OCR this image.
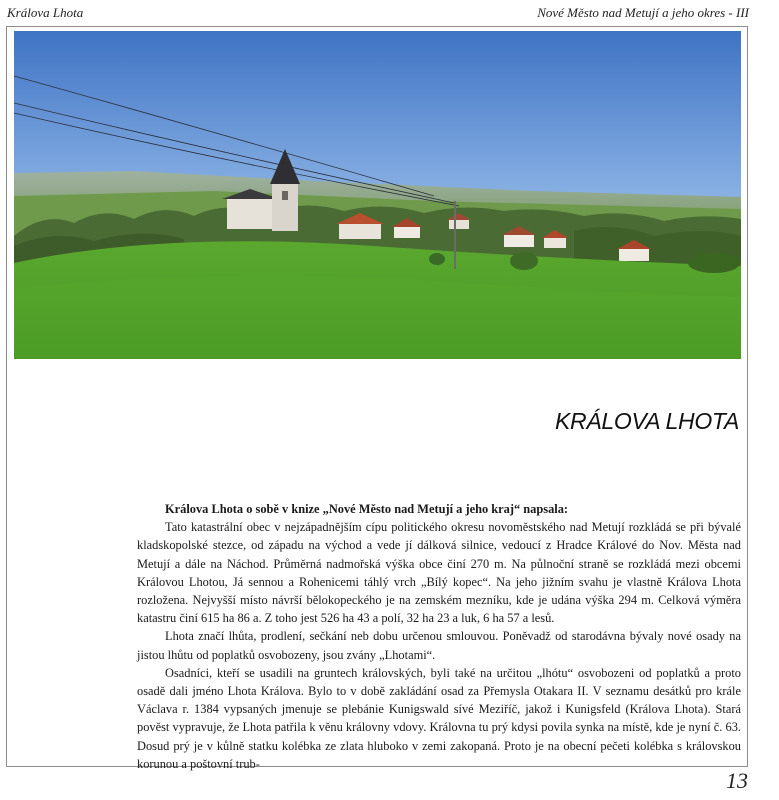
Králova Lhota	Nové Město nad Metují a jeho okres - III
KRÁLOVA LHOTA

Králova Lhota o sobě v knize „Nové Město nad Metují a jeho kraj“ napsala:

Tato katastrální obec v nejzápadnějším cípu politického okresu novoměstského nad Metují rozkládá se při bývalé kladskopolské stezce, od západu na východ a vede jí dálková silnice, vedoucí z Hradce Králové do Nov. Města nad Metují a dále na Náchod. Průměrná nadmořská výška obce činí 270 m. Na půlnoční straně se rozkládá mezi obcemi Královou Lhotou, Já sennou a Rohenicemi táhlý vrch „Bílý kopec“. Na jeho jižním svahu je vlastně Králova Lhota rozložena. Nejvyšší místo návrší bělokopeckého je na zemském mezníku, kde je udána výška 294 m. Celková výměra katastru činí 615 ha 86 a. Z toho jest 526 ha 43 a polí, 32 ha 23 a luk, 6 ha 57 a lesů.

Lhota značí lhůta, prodlení, sečkání neb dobu určenou smlouvou. Poněvadž od starodávna bývaly nové osady na jistou lhůtu od poplatků osvobozeny, jsou zvány „Lhotami“.

Osadníci, kteří se usadili na gruntech královských, byli také na určitou „lhótu“ osvobozeni od poplatků a proto osadě dali jméno Lhota Králova. Bylo to v době zakládání osad za Přemysla Otakara II. V seznamu desátků pro krále Václava r. 1384 vypsaných jmenuje se plebánie Kunigswald sívé Meziříč, jakož i Kunigsfeld (Králova Lhota). Stará pověst vypravuje, že Lhota patřila k věnu královny vdovy. Královna tu prý kdysi povila synka na místě, kde je nyní č. 63. Dosud prý je v kůlně statku kolébka ze zlata hluboko v zemi zakopaná. Proto je na obecní pečeti kolébka s královskou korunou a poštovní trub-

13
